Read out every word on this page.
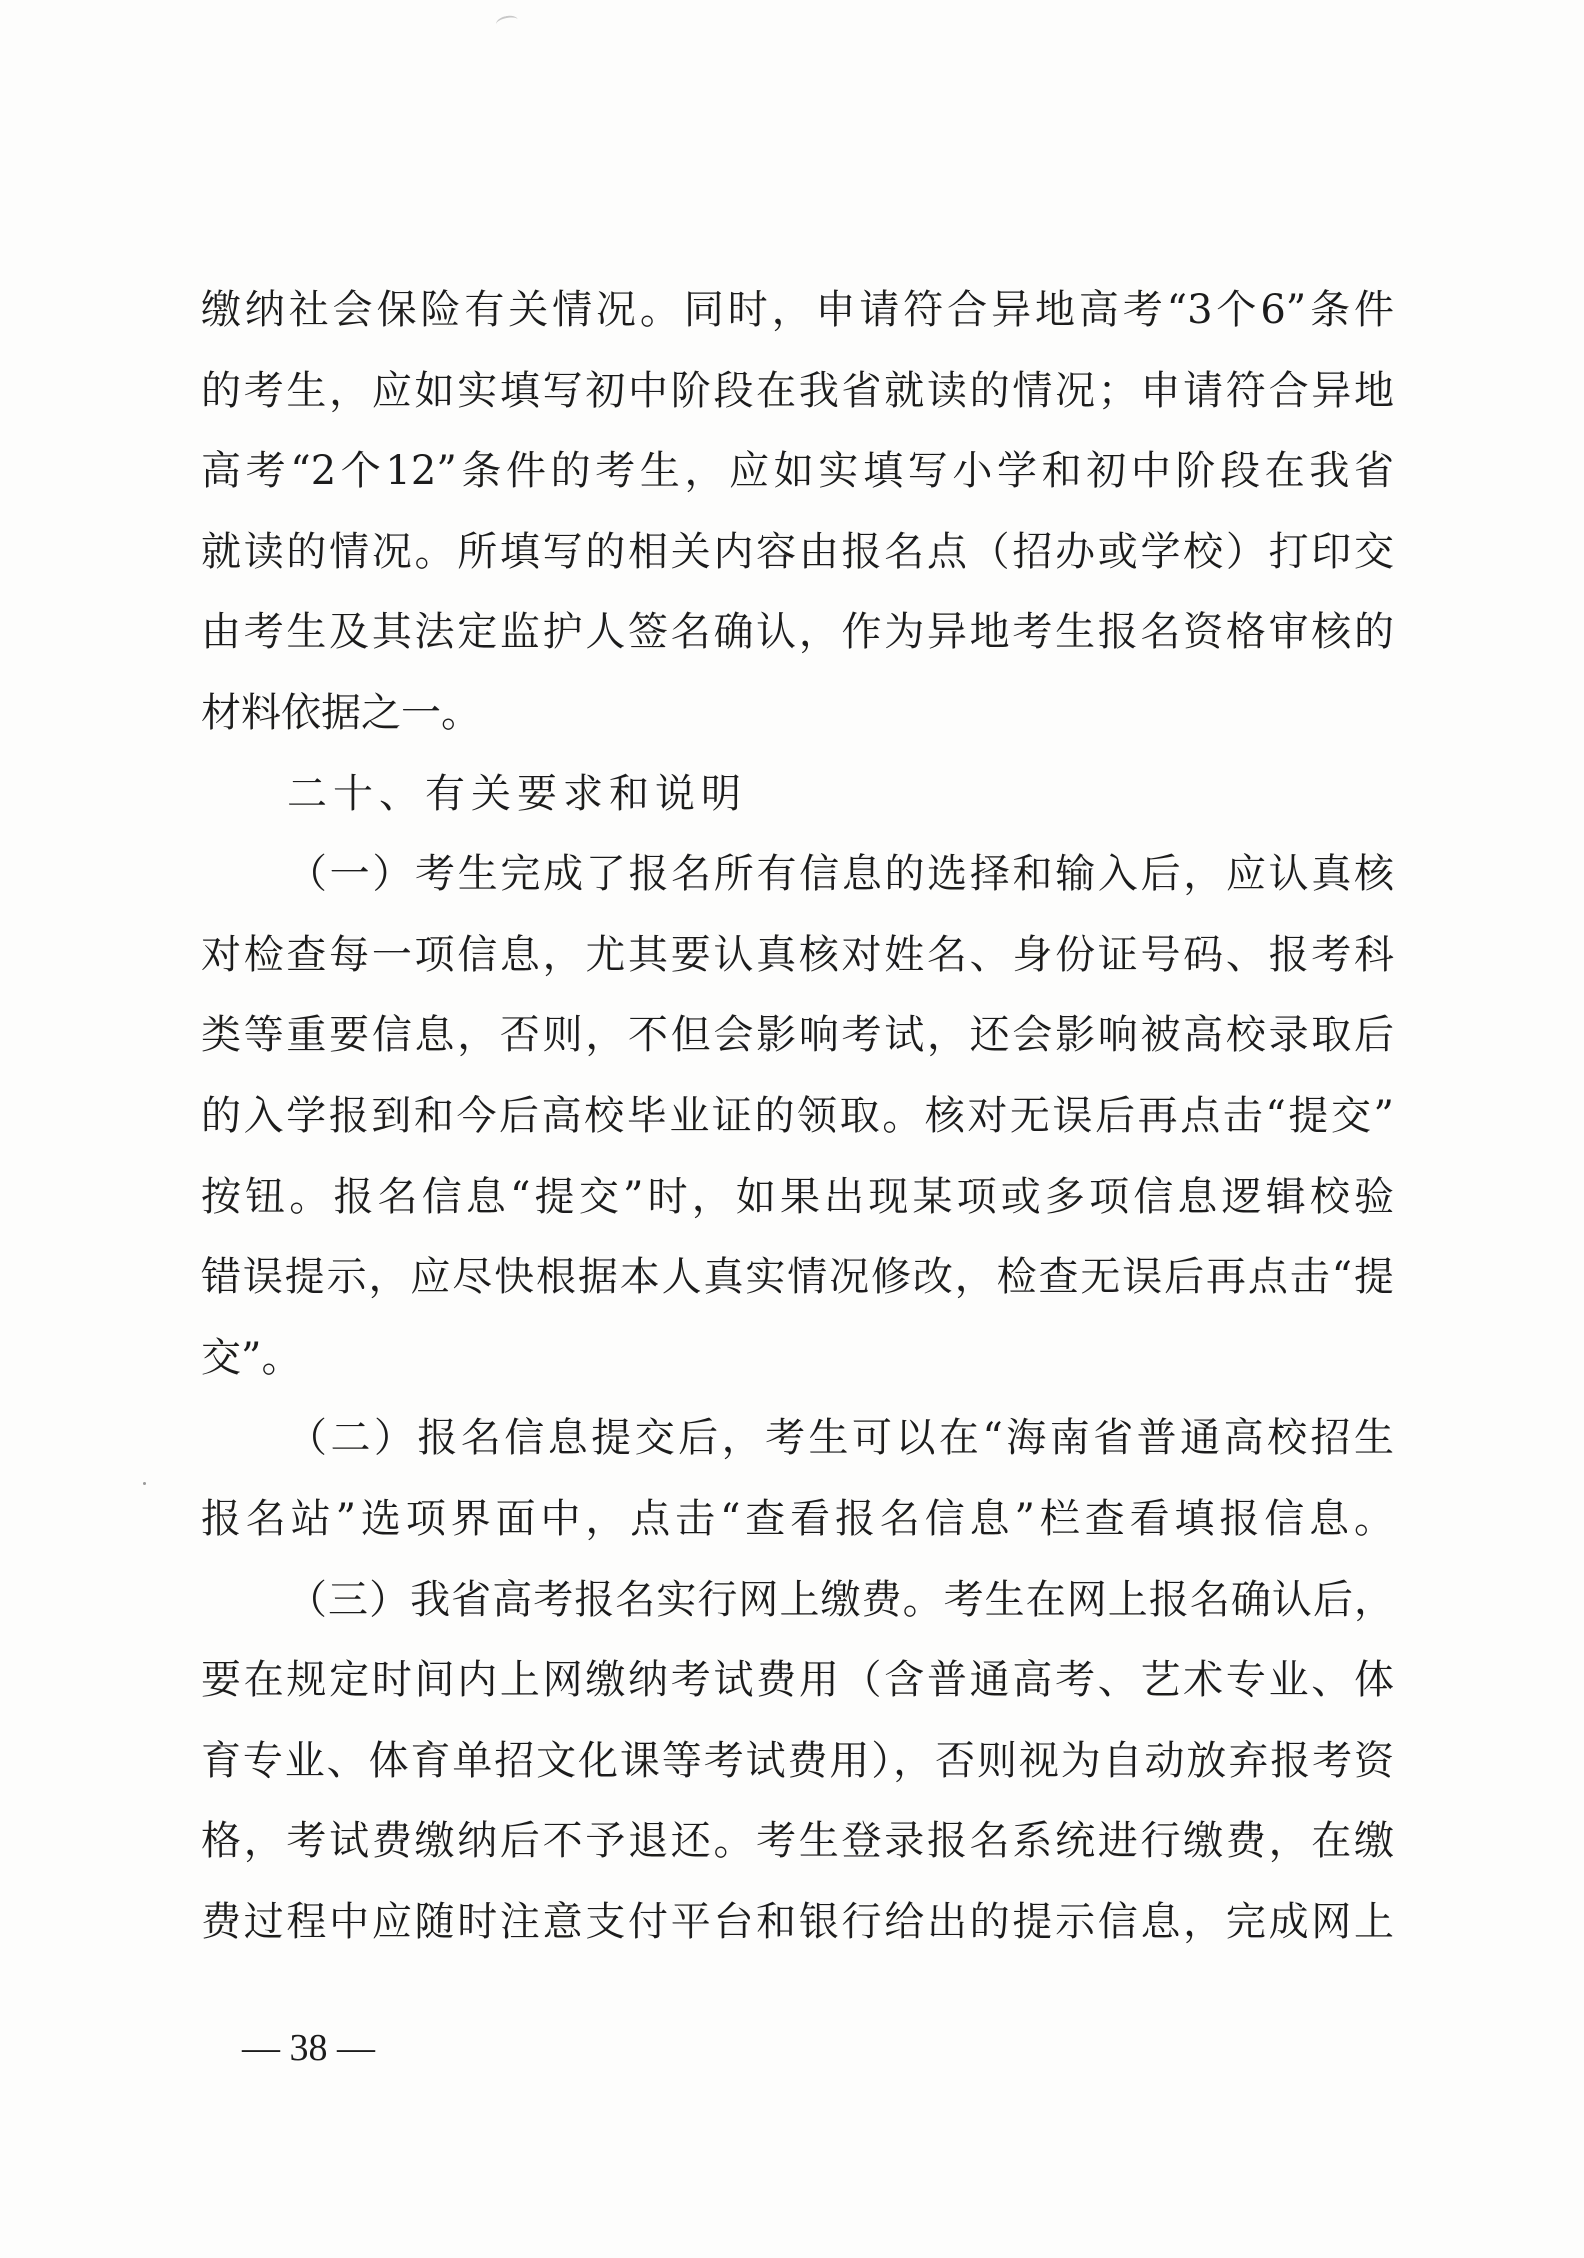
缴纳社会保险有关情况。同时，申请符合异地高考“3个6”条件
的考生，应如实填写初中阶段在我省就读的情况；申请符合异地
高考“2个12”条件的考生，应如实填写小学和初中阶段在我省
就读的情况。所填写的相关内容由报名点（招办或学校）打印交
由考生及其法定监护人签名确认，作为异地考生报名资格审核的
材料依据之一。
二十、有关要求和说明
（一）考生完成了报名所有信息的选择和输入后，应认真核
对检查每一项信息，尤其要认真核对姓名、身份证号码、报考科
类等重要信息，否则，不但会影响考试，还会影响被高校录取后
的入学报到和今后高校毕业证的领取。核对无误后再点击“提交”
按钮。报名信息“提交”时，如果出现某项或多项信息逻辑校验
错误提示，应尽快根据本人真实情况修改，检查无误后再点击“提
交”。
（二）报名信息提交后，考生可以在“海南省普通高校招生
报名站”选项界面中，点击“查看报名信息”栏查看填报信息。
（三）我省高考报名实行网上缴费。考生在网上报名确认后，
要在规定时间内上网缴纳考试费用（含普通高考、艺术专业、体
育专业、体育单招文化课等考试费用），否则视为自动放弃报考资
格，考试费缴纳后不予退还。考生登录报名系统进行缴费，在缴
费过程中应随时注意支付平台和银行给出的提示信息，完成网上
— 38 —
